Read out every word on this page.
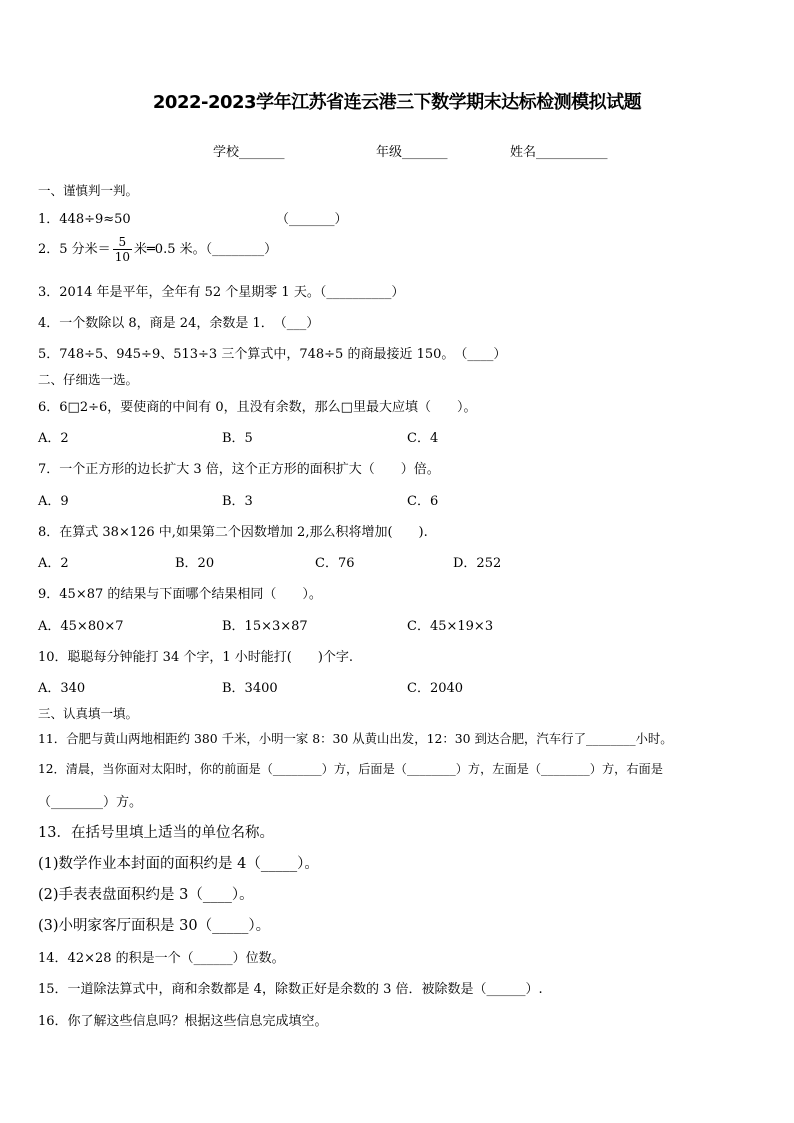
2022-2023学年江苏省连云港三下数学期末达标检测模拟试题
学校_______	年级_______	姓名___________
一、谨慎判一判。
1．448÷9≈50	（_______）
2．5 分米＝ $\frac{5}{10}$ 米═0.5 米。（________）
3．2014 年是平年，全年有 52 个星期零 1 天。（__________）
4．一个数除以 8，商是 24，余数是 1．　（___）
5．748÷5、945÷9、513÷3 三个算式中，748÷5 的商最接近 150。　（____）
二、仔细选一选。
6．6□2÷6，要使商的中间有 0，且没有余数，那么□里最大应填（　　）。
A．2	B．5	C．4
7．一个正方形的边长扩大 3 倍，这个正方形的面积扩大（　　）倍。
A．9	B．3	C．6
8．在算式 38×126 中,如果第二个因数增加 2,那么积将增加(　　).
A．2	B．20	C．76	D．252
9．45×87 的结果与下面哪个结果相同（　　）。
A．45×80×7	B．15×3×87	C．45×19×3
10．聪聪每分钟能打 34 个字，1 小时能打(　　)个字.
A．340	B．3400	C．2040
三、认真填一填。
11．合肥与黄山两地相距约 380 千米，小明一家 8：30 从黄山出发，12：30 到达合肥，汽车行了________小时。
12．清晨，当你面对太阳时，你的前面是（________）方，后面是（________）方，左面是（________）方，右面是
（________）方。
13．在括号里填上适当的单位名称。
(1)数学作业本封面的面积约是 4（_____）。
(2)手表表盘面积约是 3（____）。
(3)小明家客厅面积是 30（_____）。
14．42×28 的积是一个（______）位数。
15．一道除法算式中，商和余数都是 4，除数正好是余数的 3 倍．被除数是（______）.
16．你了解这些信息吗？根据这些信息完成填空。
